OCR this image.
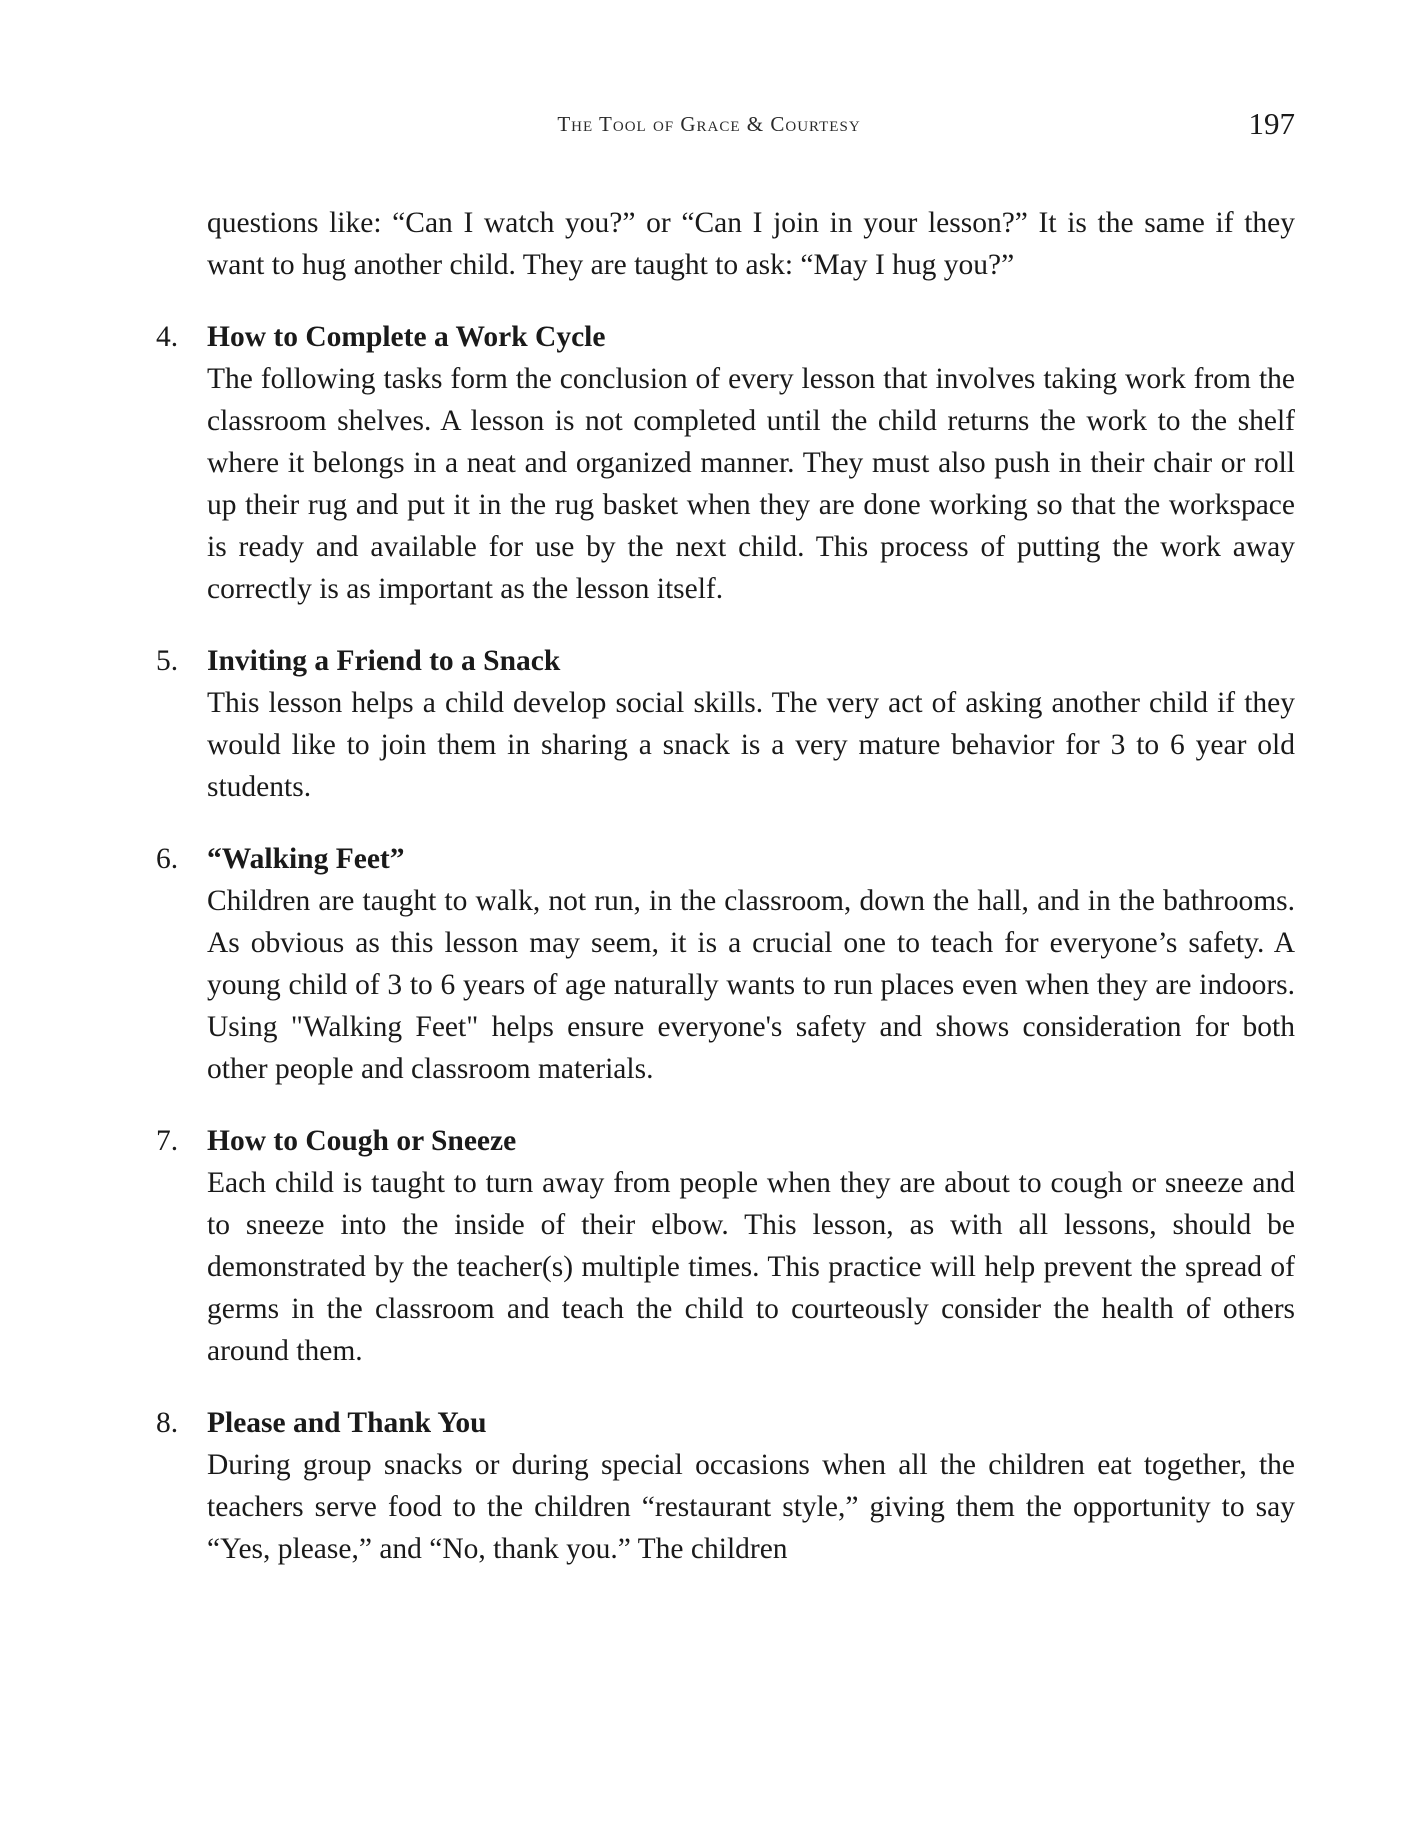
The Tool of Grace & Courtesy	197

questions like: “Can I watch you?” or “Can I join in your lesson?” It is the same if they want to hug another child. They are taught to ask: “May I hug you?”

4. How to Complete a Work Cycle
The following tasks form the conclusion of every lesson that involves taking work from the classroom shelves. A lesson is not completed until the child returns the work to the shelf where it belongs in a neat and organized manner. They must also push in their chair or roll up their rug and put it in the rug basket when they are done working so that the workspace is ready and available for use by the next child. This process of putting the work away correctly is as important as the lesson itself.
5. Inviting a Friend to a Snack
This lesson helps a child develop social skills. The very act of asking another child if they would like to join them in sharing a snack is a very mature behavior for 3 to 6 year old students.
6. “Walking Feet”
Children are taught to walk, not run, in the classroom, down the hall, and in the bathrooms. As obvious as this lesson may seem, it is a crucial one to teach for everyone’s safety. A young child of 3 to 6 years of age naturally wants to run places even when they are indoors. Using "Walking Feet" helps ensure everyone's safety and shows consideration for both other people and classroom materials.
7. How to Cough or Sneeze
Each child is taught to turn away from people when they are about to cough or sneeze and to sneeze into the inside of their elbow. This lesson, as with all lessons, should be demonstrated by the teacher(s) multiple times. This practice will help prevent the spread of germs in the classroom and teach the child to courteously consider the health of others around them.
8. Please and Thank You
During group snacks or during special occasions when all the children eat together, the teachers serve food to the children “restaurant style,” giving them the opportunity to say “Yes, please,” and “No, thank you.” The children
